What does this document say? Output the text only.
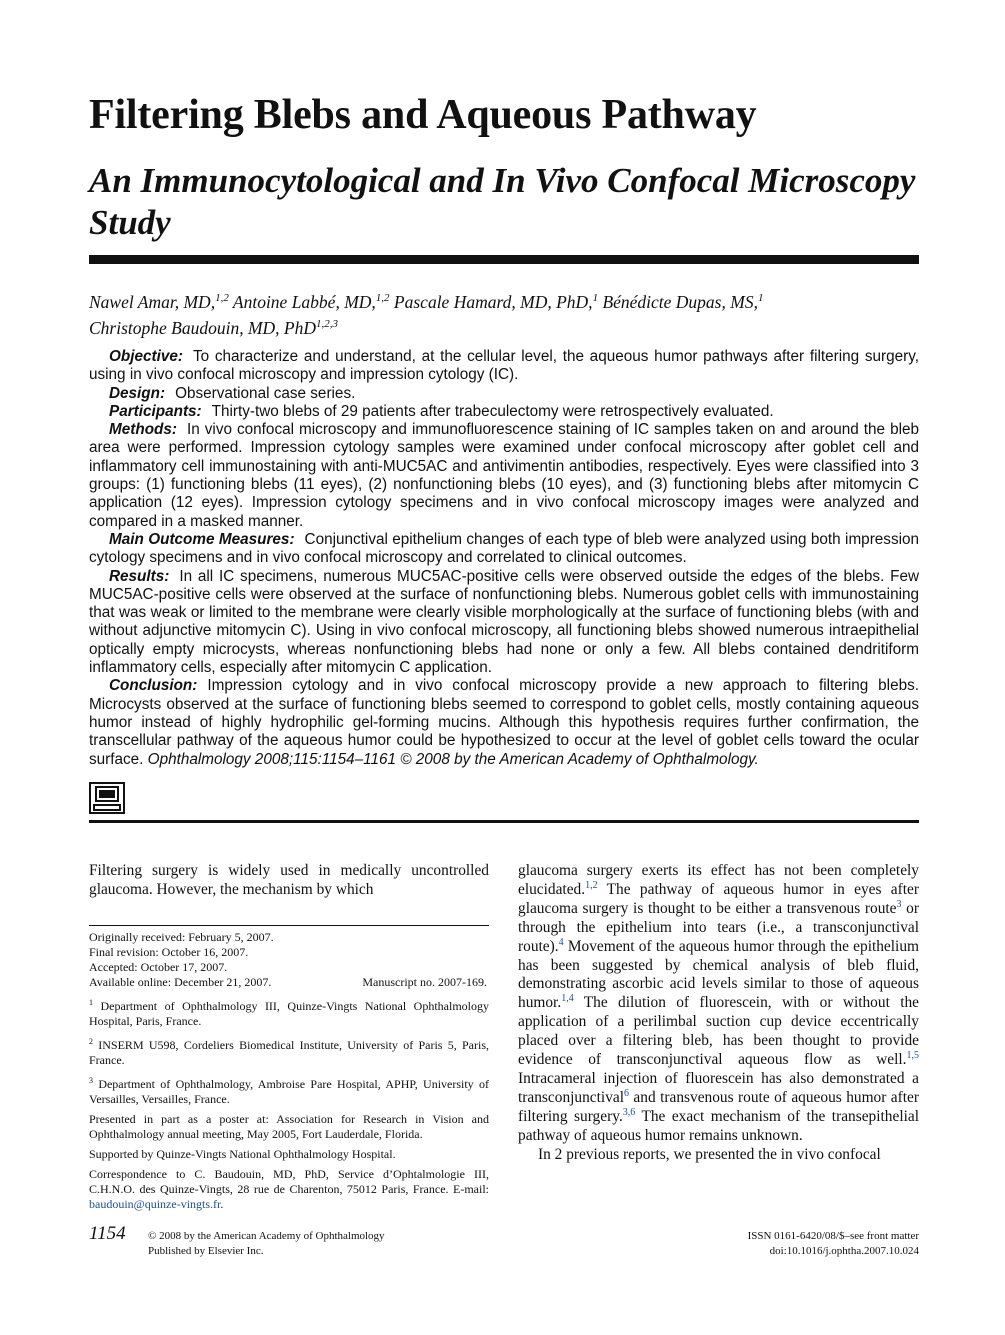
Filtering Blebs and Aqueous Pathway
An Immunocytological and In Vivo Confocal Microscopy Study
Nawel Amar, MD,$^{1,2}$ Antoine Labbé, MD,$^{1,2}$ Pascale Hamard, MD, PhD,$^1$ Bénédicte Dupas, MS,$^1$
Christophe Baudouin, MD, PhD$^{1,2,3}$

Objective: To characterize and understand, at the cellular level, the aqueous humor pathways after filtering surgery, using in vivo confocal microscopy and impression cytology (IC).

Design: Observational case series.

Participants: Thirty-two blebs of 29 patients after trabeculectomy were retrospectively evaluated.

Methods: In vivo confocal microscopy and immunofluorescence staining of IC samples taken on and around the bleb area were performed. Impression cytology samples were examined under confocal microscopy after goblet cell and inflammatory cell immunostaining with anti-MUC5AC and antivimentin antibodies, respectively. Eyes were classified into 3 groups: (1) functioning blebs (11 eyes), (2) nonfunctioning blebs (10 eyes), and (3) functioning blebs after mitomycin C application (12 eyes). Impression cytology specimens and in vivo confocal microscopy images were analyzed and compared in a masked manner.

Main Outcome Measures: Conjunctival epithelium changes of each type of bleb were analyzed using both impression cytology specimens and in vivo confocal microscopy and correlated to clinical outcomes.

Results: In all IC specimens, numerous MUC5AC-positive cells were observed outside the edges of the blebs. Few MUC5AC-positive cells were observed at the surface of nonfunctioning blebs. Numerous goblet cells with immunostaining that was weak or limited to the membrane were clearly visible morphologically at the surface of functioning blebs (with and without adjunctive mitomycin C). Using in vivo confocal microscopy, all functioning blebs showed numerous intraepithelial optically empty microcysts, whereas nonfunctioning blebs had none or only a few. All blebs contained dendritiform inflammatory cells, especially after mitomycin C application.

Conclusion: Impression cytology and in vivo confocal microscopy provide a new approach to filtering blebs. Microcysts observed at the surface of functioning blebs seemed to correspond to goblet cells, mostly containing aqueous humor instead of highly hydrophilic gel-forming mucins. Although this hypothesis requires further confirmation, the transcellular pathway of the aqueous humor could be hypothesized to occur at the level of goblet cells toward the ocular surface. Ophthalmology 2008;115:1154–1161 © 2008 by the American Academy of Ophthalmology.

Filtering surgery is widely used in medically uncontrolled glaucoma. However, the mechanism by which

Originally received: February 5, 2007.

Final revision: October 16, 2007.

Accepted: October 17, 2007.

Available online: December 21, 2007.	Manuscript no. 2007-169.

$^1$ Department of Ophthalmology III, Quinze-Vingts National Ophthalmology Hospital, Paris, France.

$^2$ INSERM U598, Cordeliers Biomedical Institute, University of Paris 5, Paris, France.

$^3$ Department of Ophthalmology, Ambroise Pare Hospital, APHP, University of Versailles, Versailles, France.

Presented in part as a poster at: Association for Research in Vision and Ophthalmology annual meeting, May 2005, Fort Lauderdale, Florida.

Supported by Quinze-Vingts National Ophthalmology Hospital.

Correspondence to C. Baudouin, MD, PhD, Service d’Ophtalmologie III, C.H.N.O. des Quinze-Vingts, 28 rue de Charenton, 75012 Paris, France. E-mail: baudouin@quinze-vingts.fr.

glaucoma surgery exerts its effect has not been completely elucidated.$^{1,2}$ The pathway of aqueous humor in eyes after glaucoma surgery is thought to be either a transvenous route$^3$ or through the epithelium into tears (i.e., a transconjunctival route).$^4$ Movement of the aqueous humor through the epithelium has been suggested by chemical analysis of bleb fluid, demonstrating ascorbic acid levels similar to those of aqueous humor.$^{1,4}$ The dilution of fluorescein, with or without the application of a perilimbal suction cup device eccentrically placed over a filtering bleb, has been thought to provide evidence of transconjunctival aqueous flow as well.$^{1,5}$ Intracameral injection of fluorescein has also demonstrated a transconjunctival$^6$ and transvenous route of aqueous humor after filtering surgery.$^{3,6}$ The exact mechanism of the transepithelial pathway of aqueous humor remains unknown.

In 2 previous reports, we presented the in vivo confocal

1154 © 2008 by the American Academy of Ophthalmology
Published by Elsevier Inc.
ISSN 0161-6420/08/$–see front matter
doi:10.1016/j.ophtha.2007.10.024
